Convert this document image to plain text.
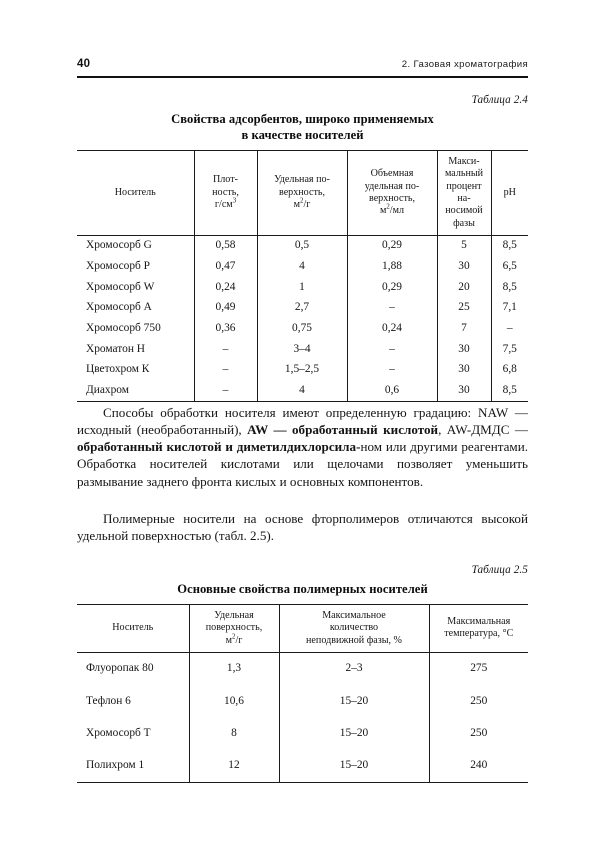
40	2. Газовая хроматография
Таблица 2.4
Свойства адсорбентов, широко применяемых
в качестве носителей
Носитель	Плот-
ность,
$г/см^3$	Удельная по-
верхность,
$м^2/г$	Объемная
удельная по-
верхность,
$м^2/мл$	Макси-
мальный
процент на-
носимой
фазы	pH
Хромосорб G	0,58	0,5	0,29	5	8,5
Хромосорб P	0,47	4	1,88	30	6,5
Хромосорб W	0,24	1	0,29	20	8,5
Хромосорб A	0,49	2,7	–	25	7,1
Хромосорб 750	0,36	0,75	0,24	7	–
Хроматон Н	–	3–4	–	30	7,5
Цветохром К	–	1,5–2,5	–	30	6,8
Диахром	–	4	0,6	30	8,5
Способы обработки носителя имеют определенную градацию: NAW — исходный (необработанный), AW — обработанный кислотой, AW-ДМДС — обработанный кислотой и диметилдихлорсила-ном или другими реагентами. Обработка носителей кислотами или щелочами позволяет уменьшить размывание заднего фронта кислых и основных компонентов.
Полимерные носители на основе фторполимеров отличаются высокой удельной поверхностью (табл. 2.5).
Таблица 2.5
Основные свойства полимерных носителей
Носитель	Удельная
поверхность,
$м^2/г$	Максимальное
количество
неподвижной фазы, %	Максимальная
температура, °C
Флуоропак 80	1,3	2–3	275
Тефлон 6	10,6	15–20	250
Хромосорб Т	8	15–20	250
Полихром 1	12	15–20	240
